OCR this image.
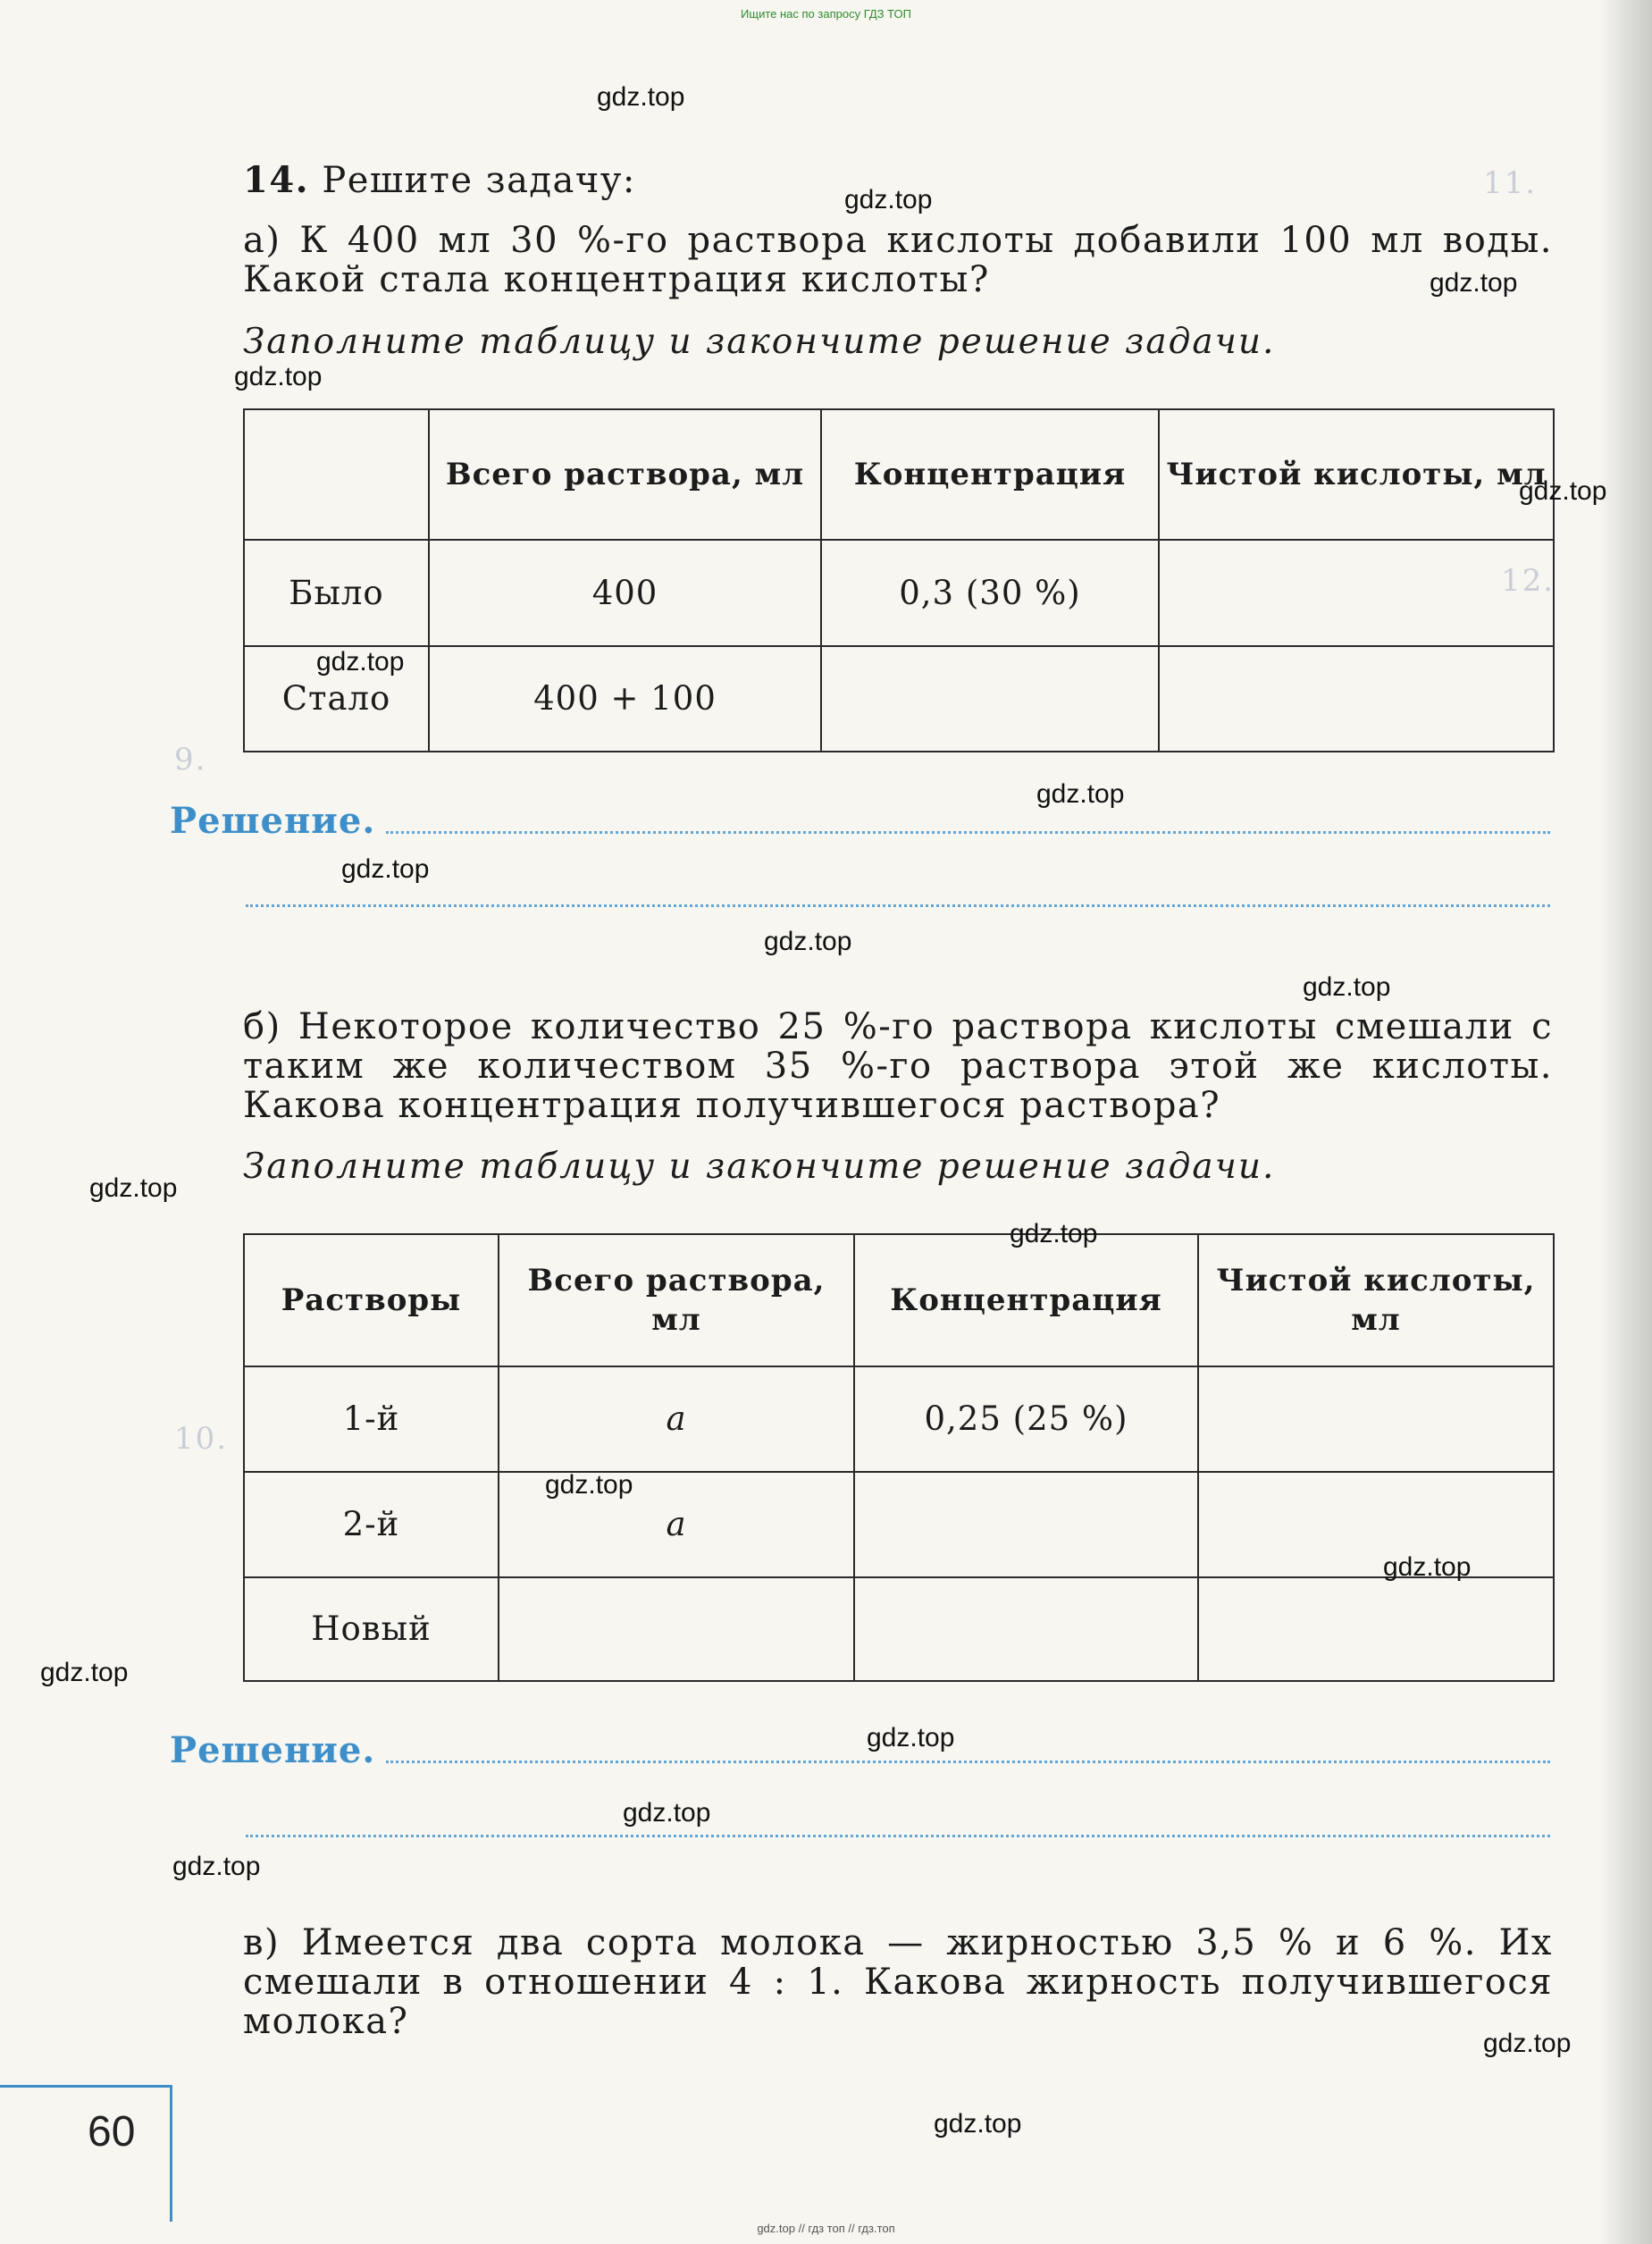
11.
12.
9.
10.
Ищите нас по запросу ГДЗ ТОП
14. Решите задачу:
а) К 400 мл 30 %-го раствора кислоты добавили 100 мл воды. Какой стала концентрация кислоты?
Заполните таблицу и закончите решение задачи.
	Всего раствора, мл	Концентрация	Чистой кислоты, мл
Было	400	0,3 (30 %)	
Стало	400 + 100		
Решение.
б) Некоторое количество 25 %-го раствора кислоты смешали с таким же количеством 35 %-го раствора этой же кислоты. Какова концентрация получившегося раствора?
Заполните таблицу и закончите решение задачи.
Растворы	Всего раствора, мл	Концентрация	Чистой кислоты, мл
1-й	a	0,25 (25 %)	
2-й	a		
Новый			
Решение.
в) Имеется два сорта молока — жирностью 3,5 % и 6 %. Их смешали в отношении 4 : 1. Какова жирность получившегося молока?
60
gdz.top // гдз топ // гдз.топ
gdz.top
gdz.top
gdz.top
gdz.top
gdz.top
gdz.top
gdz.top
gdz.top
gdz.top
gdz.top
gdz.top
gdz.top
gdz.top
gdz.top
gdz.top
gdz.top
gdz.top
gdz.top
gdz.top
gdz.top
